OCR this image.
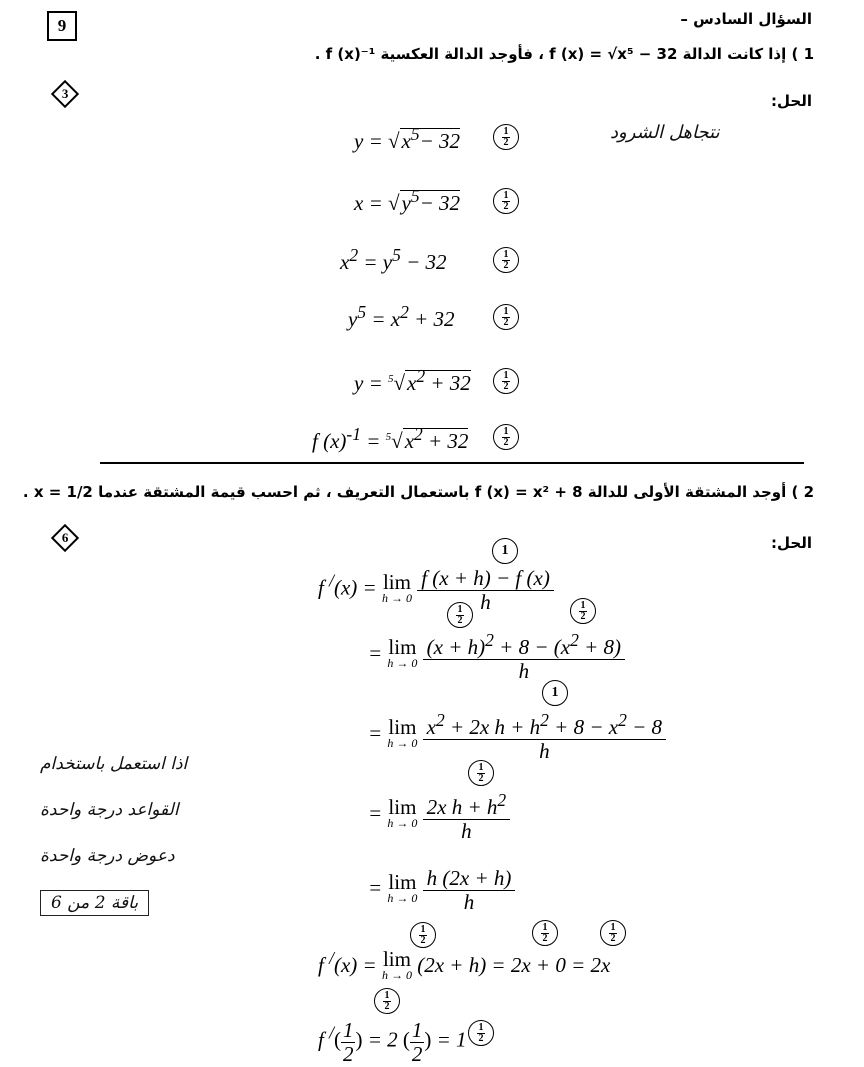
9	السؤال السادس –
1 ) إذا كانت الدالة f (x) = √x⁵ − 32 ، فأوجد الدالة العكسية f (x)⁻¹ .
3	الحل:
نتجاهل الشرود
$y = √x^5- 32$	1
2
$x = √y^5- 32$	1
2
$x^2 = y^5 - 32$	1
2
$y^5 = x^2 + 32$	1
2
$y = ^5√x^2 + 32$	1
2
f $(x)^{-1} = ^5√x^2 + 32$	1
2
2 ) أوجد المشتقة الأولى للدالة f (x) = x² + 8 باستعمال التعريف ، ثم احسب قيمة المشتقة عندما x = 1/2 .
6	الحل:
1
f /(x) = lim
h → 0
$\frac{f (x + h) - f (x)}{h}$
1
2
1
2
= lim
h → 0
$\frac{(x + h)^2 + 8 - (x^2 + 8)}{h}$
1
= lim
h → 0
$\frac{x^2 + 2x h + h^2 + 8 - x^2 - 8}{h}$
1
2
= lim
h → 0
$\frac{2x h + h^2}{h}$
= lim
h → 0
$\frac{h (2x + h)}{h}$
1
2
1
2
1
2
f /(x) = lim
h → 0 (2x + h) = 2x + 0 = 2x
1
2
f $^/( \frac{1}{2}$ ) = 2 ( $\frac{1}{2}$ ) = 1
1
2
اذا استعمل باستخدام
القواعد درجة واحدة
دعوض درجة واحدة
باقة 2 من 6
